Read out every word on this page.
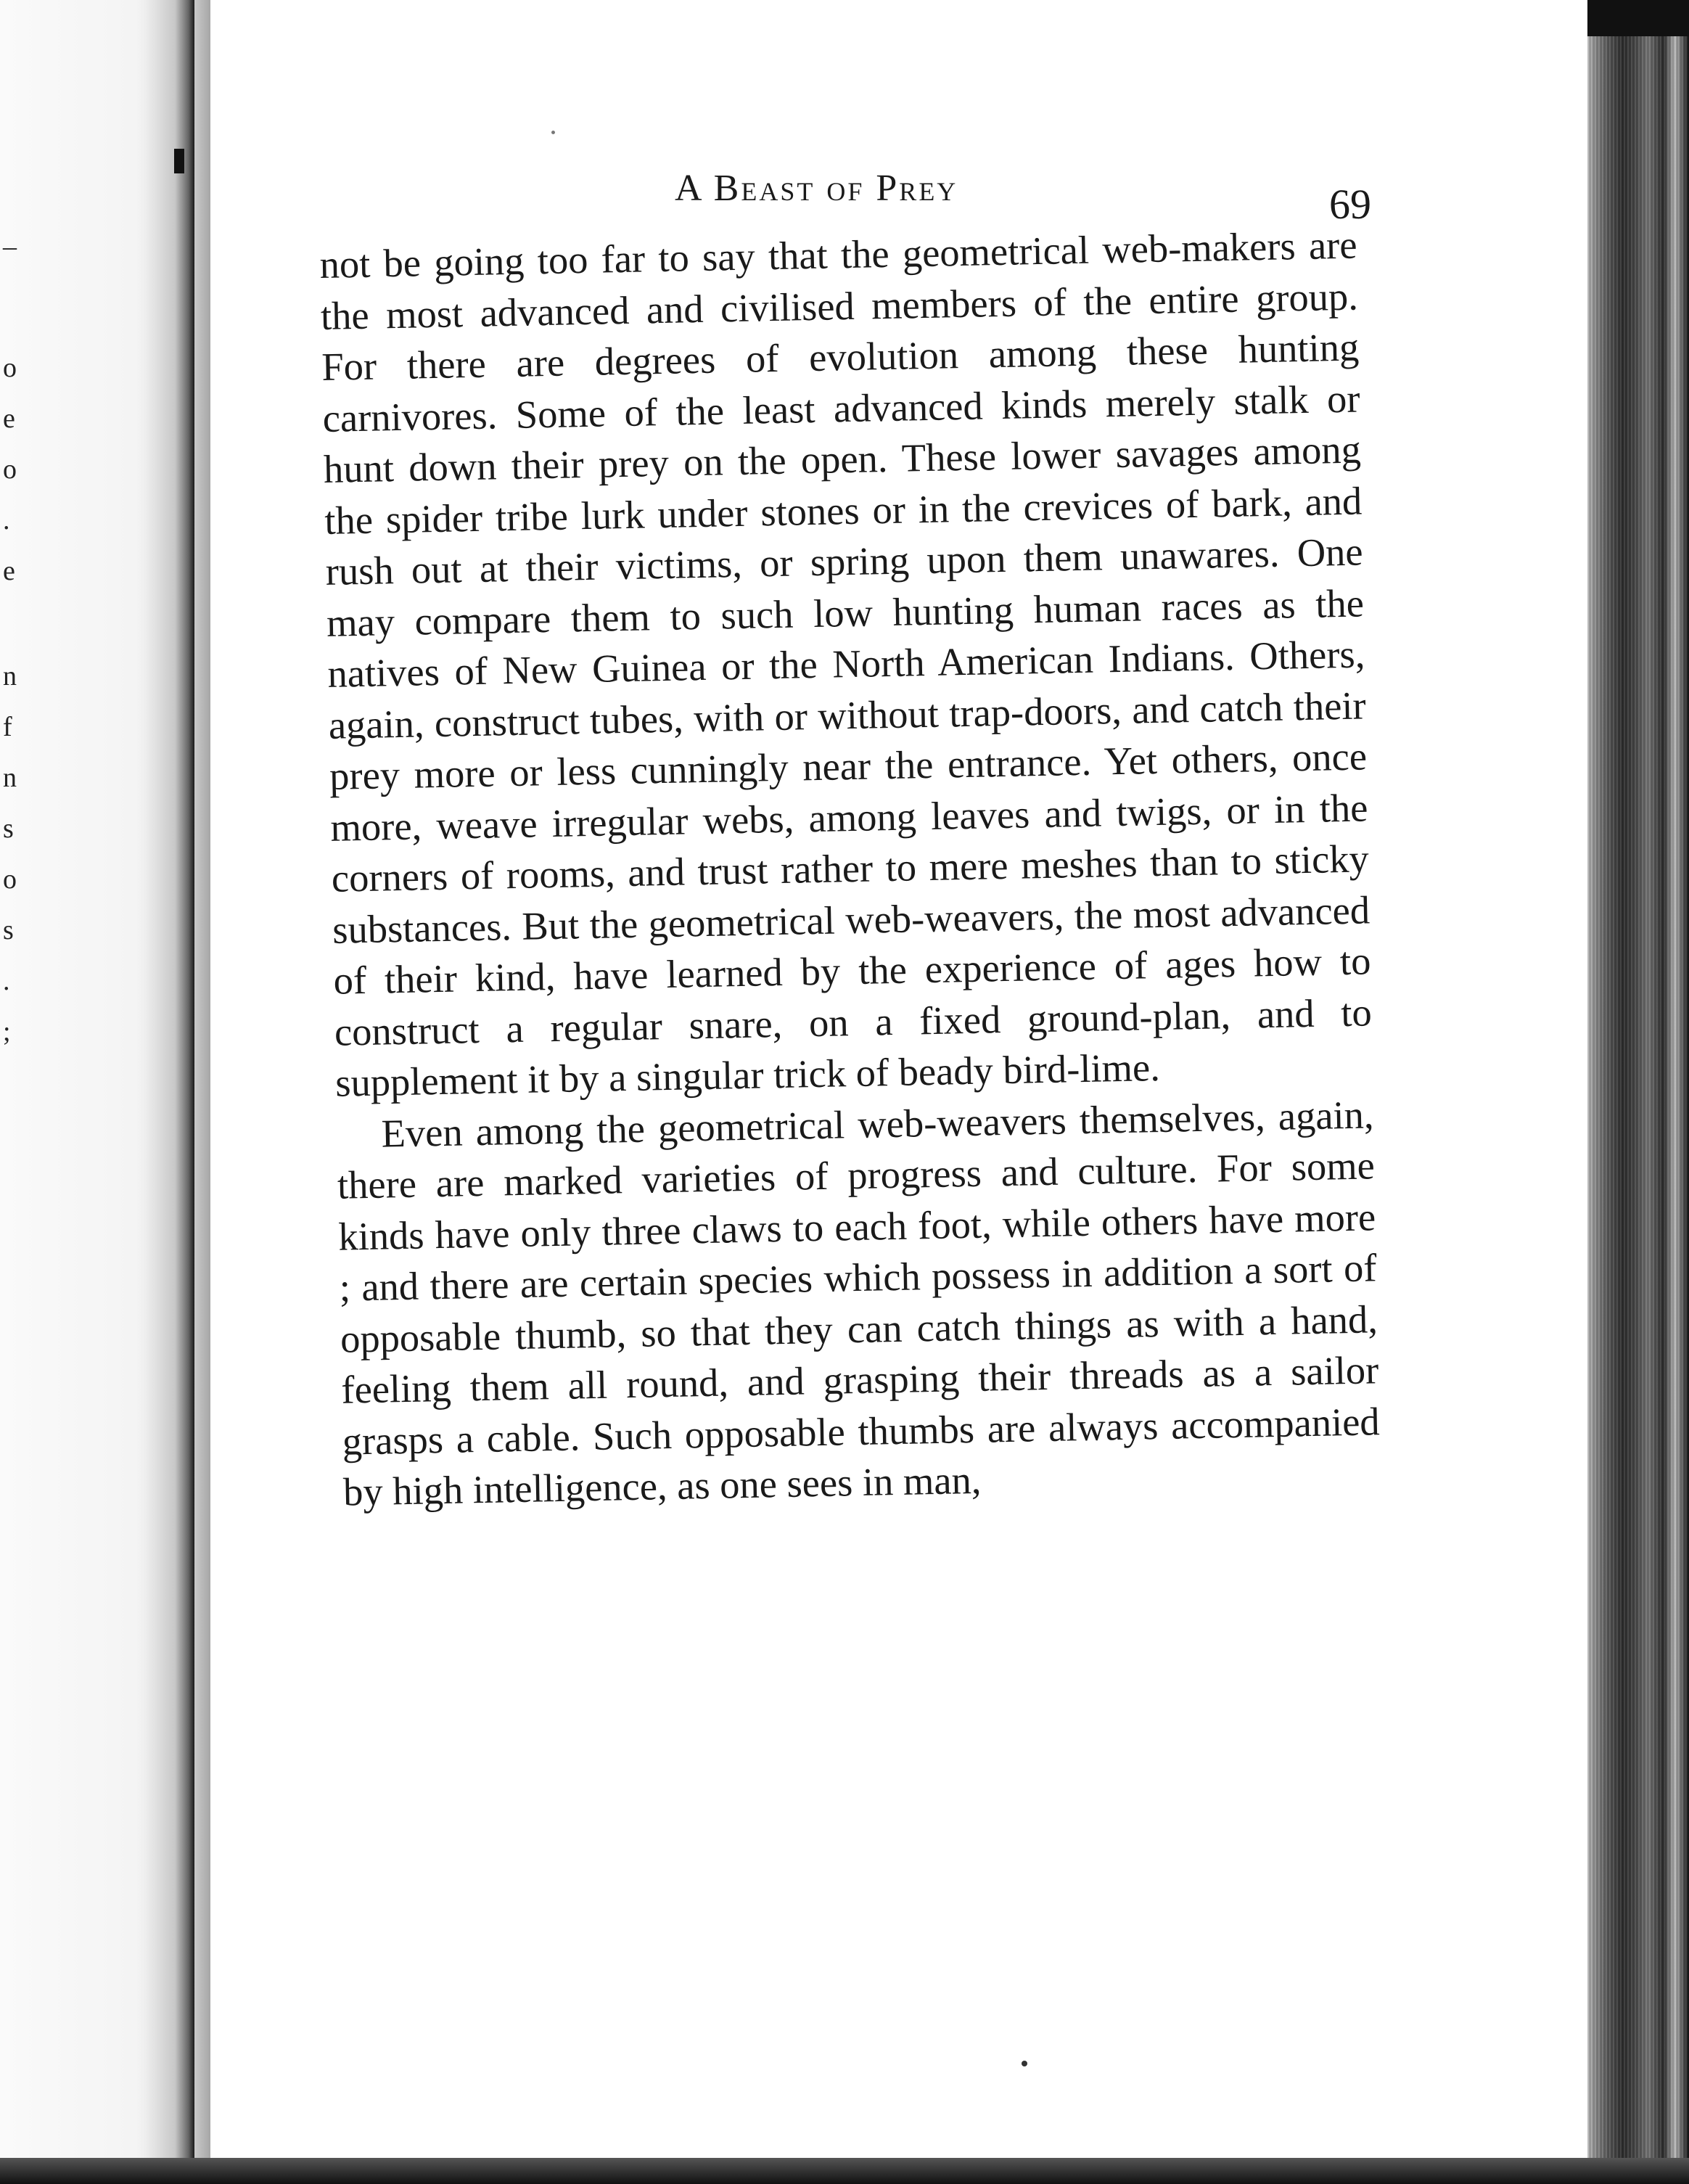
–
o
e
o
.
e
n
f
n
s
o
s
.
;
A Beast of Prey	69

not be going too far to say that the geometrical web-makers are the most advanced and civilised members of the entire group. For there are degrees of evolution among these hunting carnivores. Some of the least advanced kinds merely stalk or hunt down their prey on the open. These lower savages among the spider tribe lurk under stones or in the crevices of bark, and rush out at their victims, or spring upon them unawares. One may compare them to such low hunting human races as the natives of New Guinea or the North American Indians. Others, again, construct tubes, with or without trap-doors, and catch their prey more or less cunningly near the entrance. Yet others, once more, weave irregular webs, among leaves and twigs, or in the corners of rooms, and trust rather to mere meshes than to sticky substances. But the geometrical web-weavers, the most advanced of their kind, have learned by the experience of ages how to construct a regular snare, on a fixed ground-plan, and to supplement it by a singular trick of beady bird-lime.

Even among the geometrical web-weavers themselves, again, there are marked varieties of progress and culture. For some kinds have only three claws to each foot, while others have more ; and there are certain species which possess in addition a sort of opposable thumb, so that they can catch things as with a hand, feeling them all round, and grasping their threads as a sailor grasps a cable. Such opposable thumbs are always accompanied by high intelligence, as one sees in man,
